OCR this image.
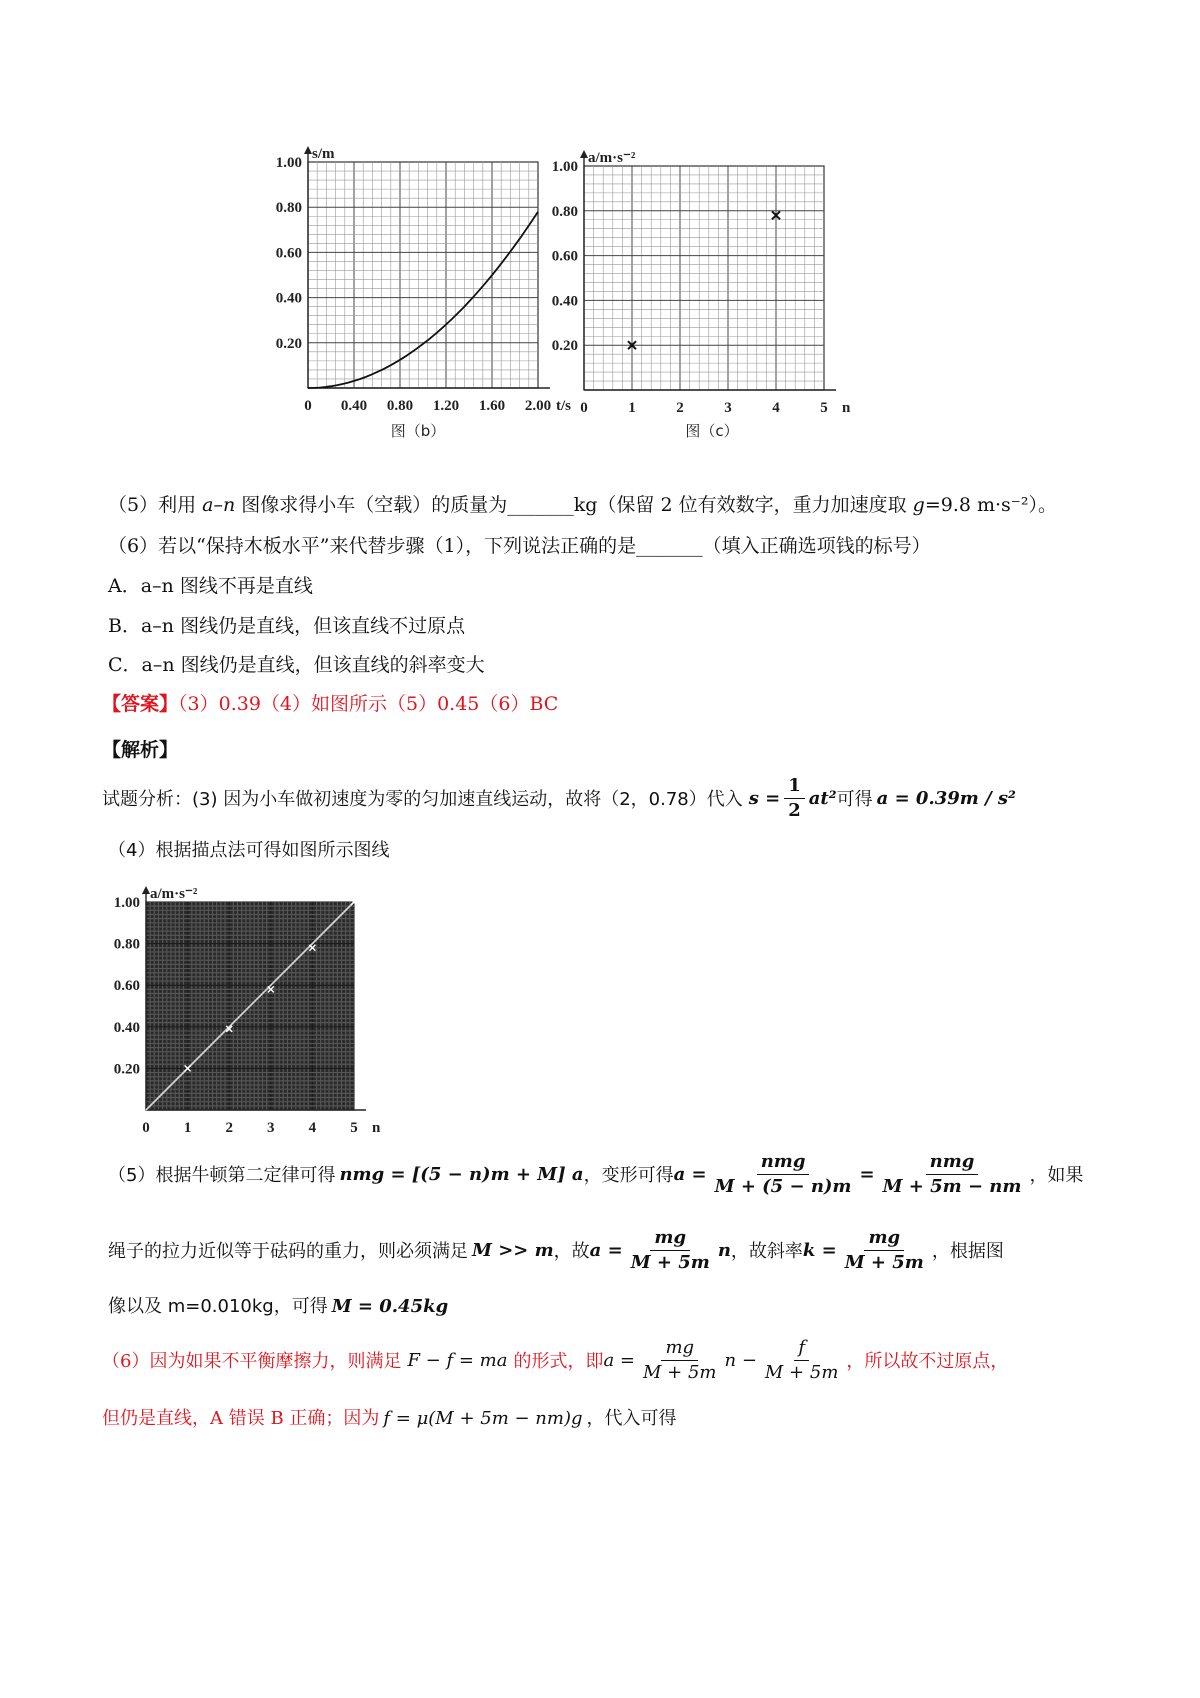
0 0.40 0.80 1.20 1.60 2.00
0.20
0.40
0.60
0.80
1.00
s/m
t/s
图（b）
0	1	2	3	4	5
0.20
0.40
0.60
0.80
1.00
a/m·s⁻²
n
图（c）
（5）利用 a–n 图像求得小车（空载）的质量为_______kg（保留 2 位有效数字，重力加速度取 g=9.8 m·s⁻²）。
（6）若以“保持木板水平”来代替步骤（1），下列说法正确的是_______（填入正确选项钱的标号）
A．a–n 图线不再是直线
B．a–n 图线仍是直线，但该直线不过原点
C．a–n 图线仍是直线，但该直线的斜率变大
【答案】（3）0.39（4）如图所示（5）0.45（6）BC
【解析】
试题分析：(3) 因为小车做初速度为零的匀加速直线运动，故将（2，0.78）代入 $s = \frac{1}{2} at^2$ 可得 a = 0.39m / s²
（4）根据描点法可得如图所示图线
0 1 2 3 4 5
0.20
0.40
0.60
0.80
1.00
a/m·s⁻²
n
（5）根据牛顿第二定律可得 nmg = [(5 − n)m + M] a ，变形可得 $a = \frac{\text{nmg}}{M + (5 - n)m} = \frac{\text{nmg}}{M + 5m - nm}$ ，如果
绳子的拉力近似等于砝码的重力，则必须满足 M >> m ，故 $a = \frac{mg}{M + 5m}$ n ，故斜率 $k = \frac{mg}{M + 5m}$ ，根据图
像以及 m=0.010kg，可得 M = 0.45kg
（6）因为如果不平衡摩擦力，则满足 F − f = ma 的形式，即 $a = \frac{mg}{M + 5m}$ $n - \frac{f}{M + 5m}$ ，所以故不过原点，
但仍是直线，A 错误 B 正确；因为 f = μ(M + 5m − nm)g ，代入可得
